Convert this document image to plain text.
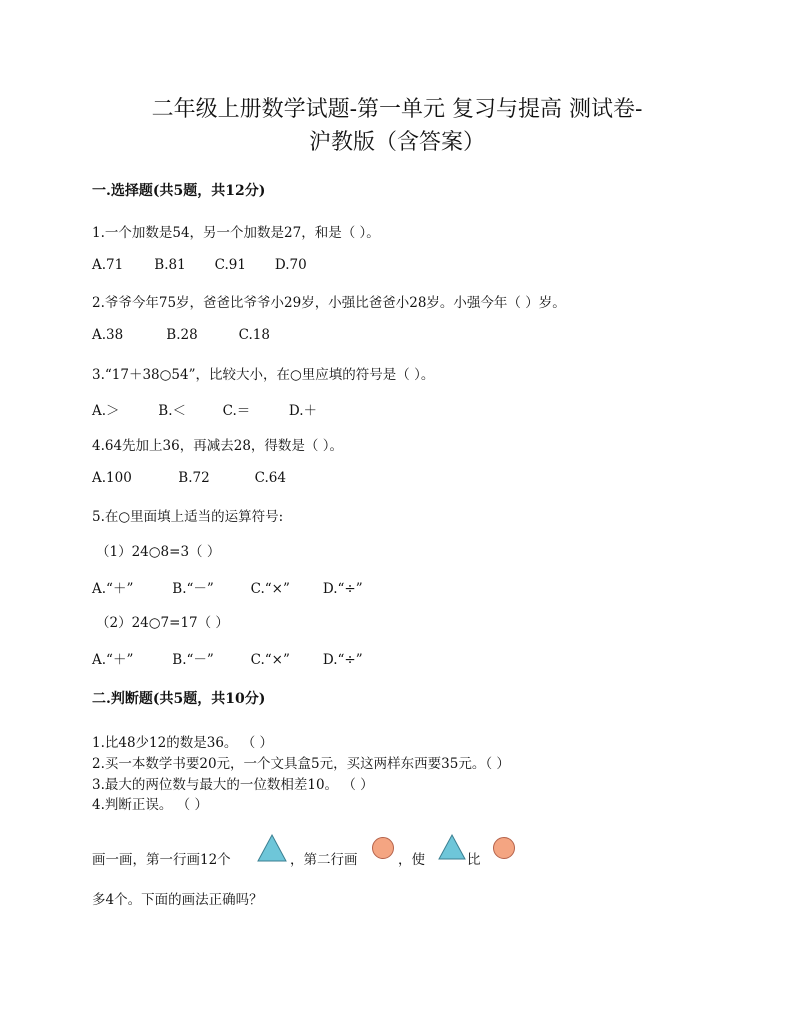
二年级上册数学试题-第一单元 复习与提高 测试卷-
沪教版（含答案）
一.选择题(共5题，共12分)
1.一个加数是54，另一个加数是27，和是（ ）。
A.71 B.81 C.91 D.70
2.爷爷今年75岁，爸爸比爷爷小29岁，小强比爸爸小28岁。小强今年（ ）岁。
A.38	B.28	C.18
3.“17＋38○54”，比较大小，在○里应填的符号是（ ）。
A.＞	B.＜	C.＝	D.＋
4.64先加上36，再减去28，得数是（ ）。
A.100	B.72	C.64
5.在○里面填上适当的运算符号:
（1）24○8=3（ ）
A.“＋”	B.“－”	C.“×” D.“÷”
（2）24○7=17（ ）
A.“＋”	B.“－”	C.“×” D.“÷”
二.判断题(共5题，共10分)
1.比48少12的数是36。 （ ）
2.买一本数学书要20元，一个文具盒5元，买这两样东西要35元。（ ）
3.最大的两位数与最大的一位数相差10。 （ ）
4.判断正误。 （ ）
画一画，第一行画12个	，第二行画	，使	比
多4个。下面的画法正确吗？
